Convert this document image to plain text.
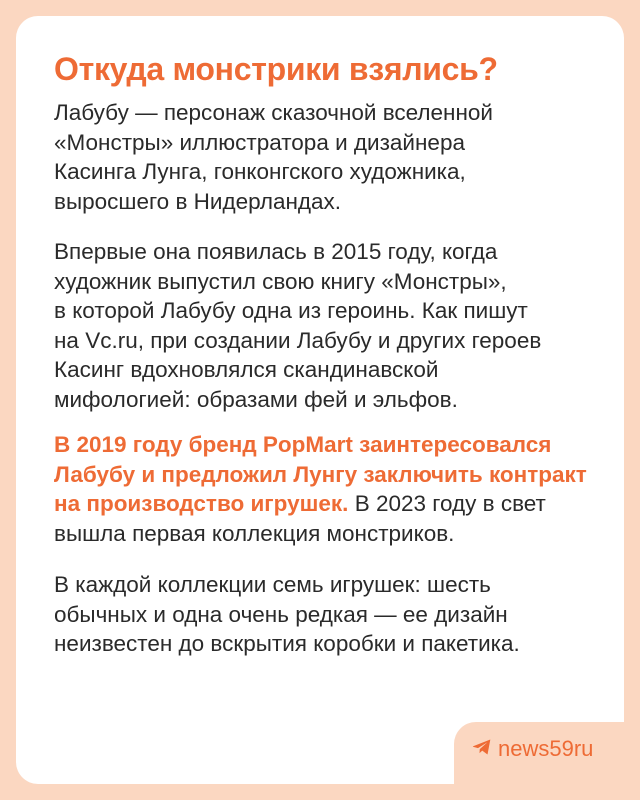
Откуда монстрики взялись?

Лабубу — персонаж сказочной вселенной
«Монстры» иллюстратора и дизайнера
Касинга Лунга, гонконгского художника,
выросшего в Нидерландах.

Впервые она появилась в 2015 году, когда
художник выпустил свою книгу «Монстры»,
в которой Лабубу одна из героинь. Как пишут
на Vc.ru, при создании Лабубу и других героев
Касинг вдохновлялся скандинавской
мифологией: образами фей и эльфов.

В 2019 году бренд PopMart заинтересовался
Лабубу и предложил Лунгу заключить контракт
на производство игрушек. В 2023 году в свет
вышла первая коллекция монстриков.

В каждой коллекции семь игрушек: шесть
обычных и одна очень редкая — ее дизайн
неизвестен до вскрытия коробки и пакетика.

news59ru
